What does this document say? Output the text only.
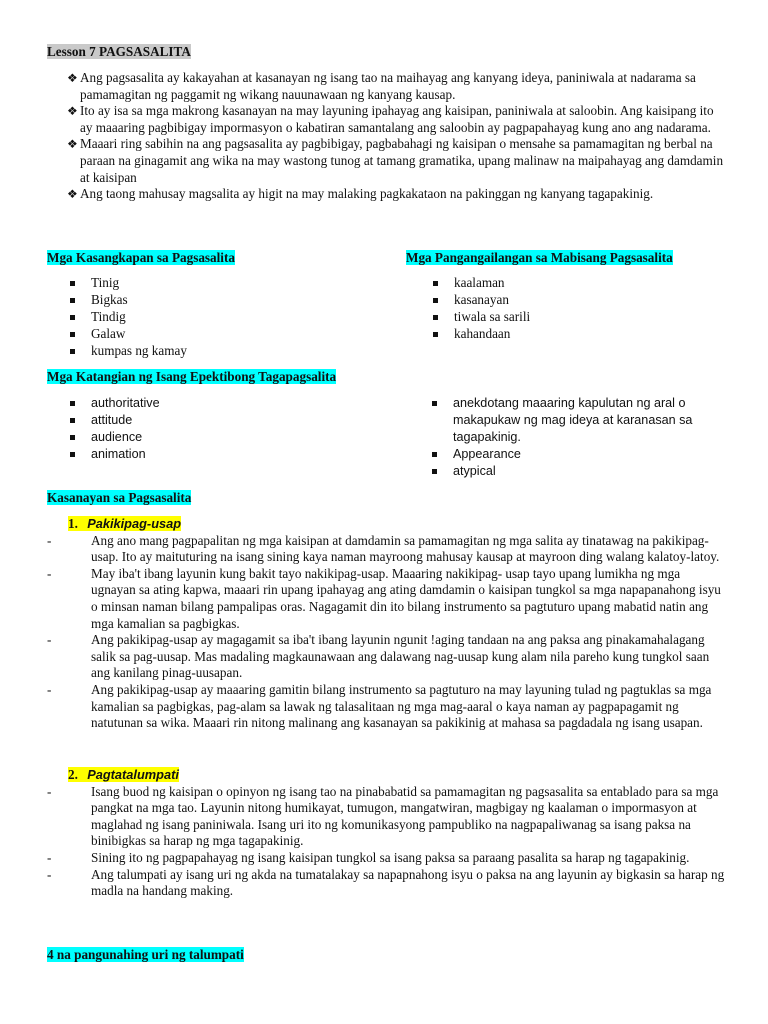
Lesson 7 PAGSASALITA
❖ Ang pagsasalita ay kakayahan at kasanayan ng isang tao na maihayag ang kanyang ideya, paniniwala at nadarama sa pamamagitan ng paggamit ng wikang nauunawaan ng kanyang kausap.
❖ Ito ay isa sa mga makrong kasanayan na may layuning ipahayag ang kaisipan, paniniwala at saloobin. Ang kaisipang ito ay maaaring pagbibigay impormasyon o kabatiran samantalang ang saloobin ay pagpapahayag kung ano ang nadarama.
❖ Maaari ring sabihin na ang pagsasalita ay pagbibigay, pagbabahagi ng kaisipan o mensahe sa pamamagitan ng berbal na paraan na ginagamit ang wika na may wastong tunog at tamang gramatika, upang malinaw na maipahayag ang damdamin at kaisipan
❖ Ang taong mahusay magsalita ay higit na may malaking pagkakataon na pakinggan ng kanyang tagapakinig.
Mga Kasangkapan sa Pagsasalita	Mga Pangangailangan sa Mabisang Pagsasalita
Tinig
Bigkas
Tindig
Galaw
kumpas ng kamay
kaalaman
kasanayan
tiwala sa sarili
kahandaan
Mga Katangian ng Isang Epektibong Tagapagsalita
authoritative
attitude
audience
animation
anekdotang maaaring kapulutan ng aral o makapukaw ng mag ideya at karanasan sa tagapakinig.
Appearance
atypical
Kasanayan sa Pagsasalita
1. Pakikipag-usap
-	Ang ano mang pagpapalitan ng mga kaisipan at damdamin sa pamamagitan ng mga salita ay tinatawag na pakikipag-usap. Ito ay maituturing na isang sining kaya naman mayroong mahusay kausap at mayroon ding walang kalatoy-latoy.
-	May iba't ibang layunin kung bakit tayo nakikipag-usap. Maaaring nakikipag- usap tayo upang lumikha ng mga ugnayan sa ating kapwa, maaari rin upang ipahayag ang ating damdamin o kaisipan tungkol sa mga napapanahong isyu o minsan naman bilang pampalipas oras. Nagagamit din ito bilang instrumento sa pagtuturo upang mabatid natin ang mga kamalian sa pagbigkas.
-	Ang pakikipag-usap ay magagamit sa iba't ibang layunin ngunit !aging tandaan na ang paksa ang pinakamahalagang salik sa pag-uusap. Mas madaling magkaunawaan ang dalawang nag-uusap kung alam nila pareho kung tungkol saan ang kanilang pinag-uusapan.
-	Ang pakikipag-usap ay maaaring gamitin bilang instrumento sa pagtuturo na may layuning tulad ng pagtuklas sa mga kamalian sa pagbigkas, pag-alam sa lawak ng talasalitaan ng mga mag-aaral o kaya naman ay pagpapagamit ng natutunan sa wika. Maaari rin nitong malinang ang kasanayan sa pakikinig at mahasa sa pagdadala ng isang usapan.
2. Pagtatalumpati
-	Isang buod ng kaisipan o opinyon ng isang tao na pinababatid sa pamamagitan ng pagsasalita sa entablado para sa mga pangkat na mga tao. Layunin nitong humikayat, tumugon, mangatwiran, magbigay ng kaalaman o impormasyon at maglahad ng isang paniniwala. Isang uri ito ng komunikasyong pampubliko na nagpapaliwanag sa isang paksa na binibigkas sa harap ng mga tagapakinig.
-	Sining ito ng pagpapahayag ng isang kaisipan tungkol sa isang paksa sa paraang pasalita sa harap ng tagapakinig.
-	Ang talumpati ay isang uri ng akda na tumatalakay sa napapnahong isyu o paksa na ang layunin ay bigkasin sa harap ng madla na handang making.
4 na pangunahing uri ng talumpati
